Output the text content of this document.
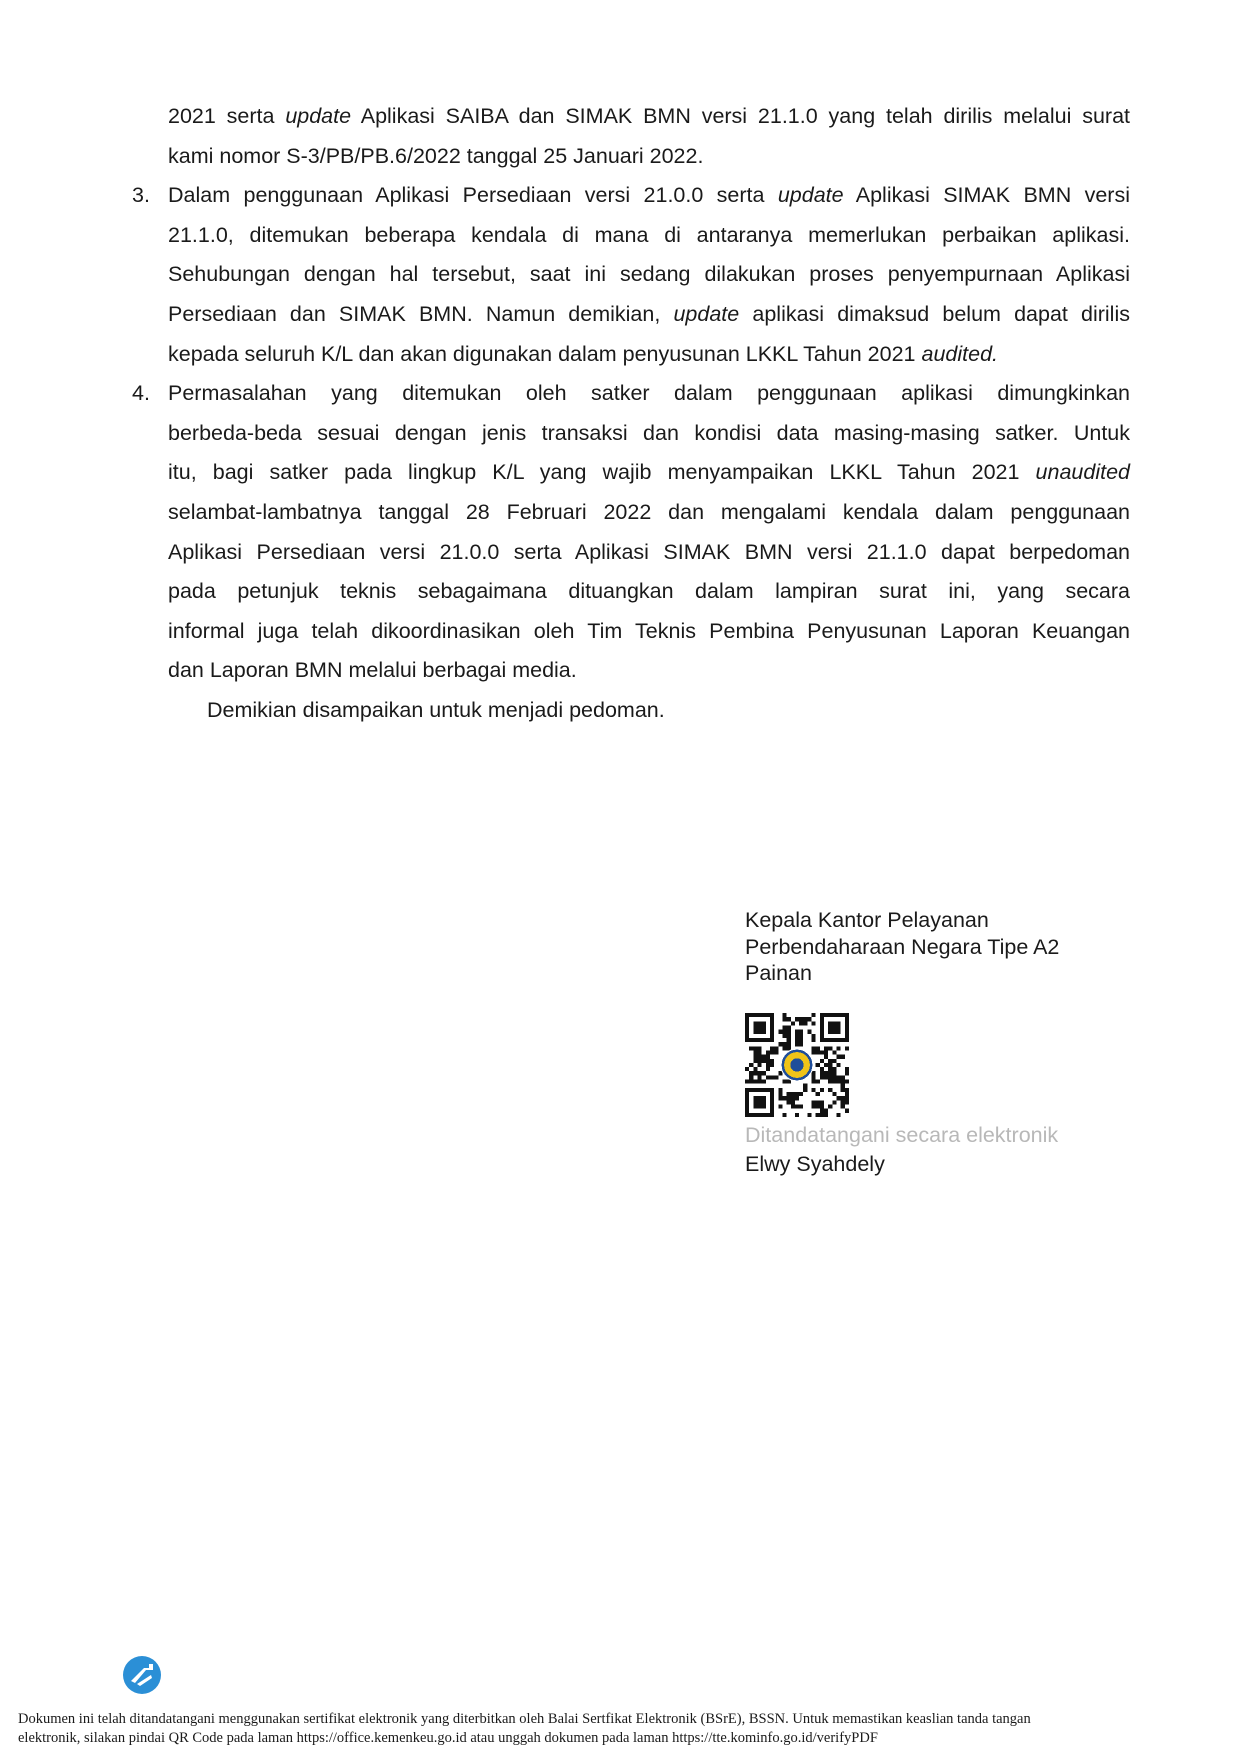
2021 serta update Aplikasi SAIBA dan SIMAK BMN versi 21.1.0 yang telah dirilis melalui surat
kami nomor S-3/PB/PB.6/2022 tanggal 25 Januari 2022.
3. Dalam penggunaan Aplikasi Persediaan versi 21.0.0 serta update Aplikasi SIMAK BMN versi
21.1.0, ditemukan beberapa kendala di mana di antaranya memerlukan perbaikan aplikasi.
Sehubungan dengan hal tersebut, saat ini sedang dilakukan proses penyempurnaan Aplikasi
Persediaan dan SIMAK BMN. Namun demikian, update aplikasi dimaksud belum dapat dirilis
kepada seluruh K/L dan akan digunakan dalam penyusunan LKKL Tahun 2021 audited.
4. Permasalahan yang ditemukan oleh satker dalam penggunaan aplikasi dimungkinkan
berbeda-beda sesuai dengan jenis transaksi dan kondisi data masing-masing satker. Untuk
itu, bagi satker pada lingkup K/L yang wajib menyampaikan LKKL Tahun 2021 unaudited
selambat-lambatnya tanggal 28 Februari 2022 dan mengalami kendala dalam penggunaan
Aplikasi Persediaan versi 21.0.0 serta Aplikasi SIMAK BMN versi 21.1.0 dapat berpedoman
pada petunjuk teknis sebagaimana dituangkan dalam lampiran surat ini, yang secara
informal juga telah dikoordinasikan oleh Tim Teknis Pembina Penyusunan Laporan Keuangan
dan Laporan BMN melalui berbagai media.

Demikian disampaikan untuk menjadi pedoman.

Kepala Kantor Pelayanan
Perbendaharaan Negara Tipe A2
Painan
Ditandatangani secara elektronik
Elwy Syahdely
Dokumen ini telah ditandatangani menggunakan sertifikat elektronik yang diterbitkan oleh Balai Sertfikat Elektronik (BSrE), BSSN. Untuk memastikan keaslian tanda tangan
elektronik, silakan pindai QR Code pada laman https://office.kemenkeu.go.id atau unggah dokumen pada laman https://tte.kominfo.go.id/verifyPDF
